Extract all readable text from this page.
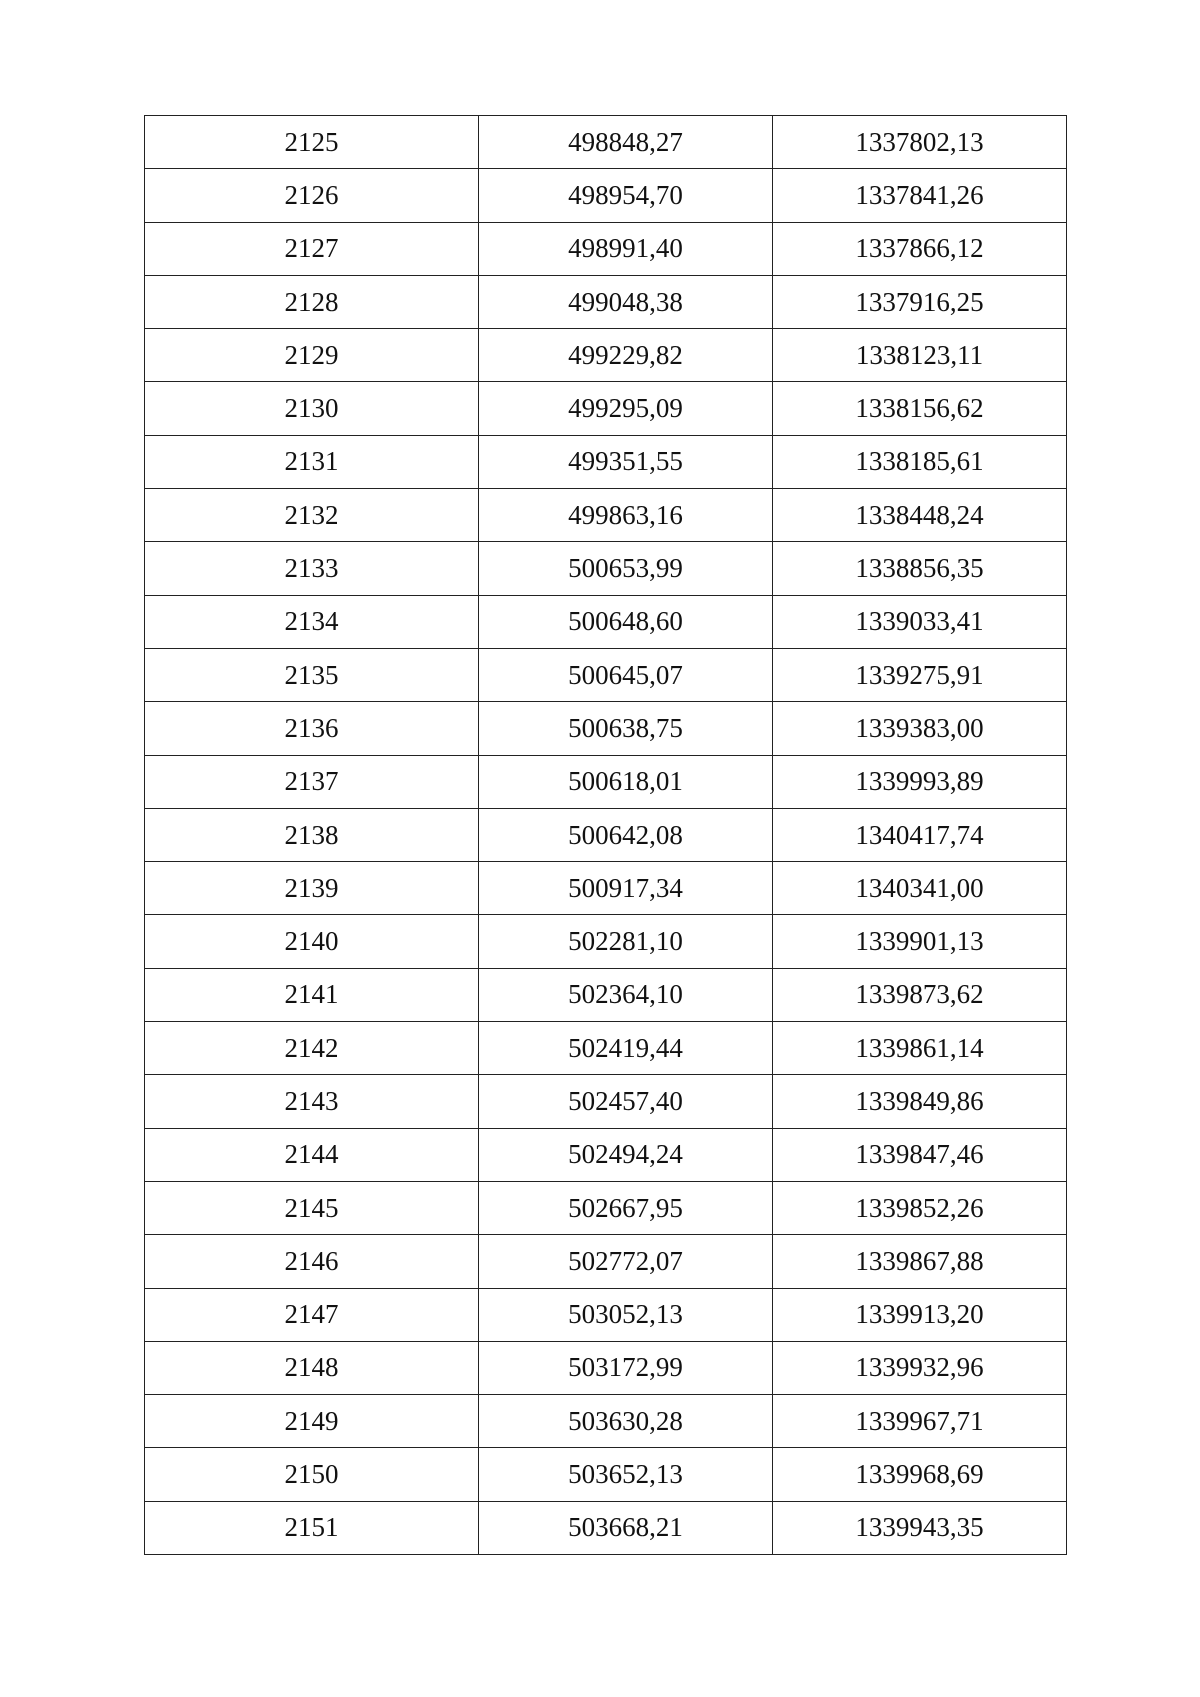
2125	498848,27	1337802,13
2126	498954,70	1337841,26
2127	498991,40	1337866,12
2128	499048,38	1337916,25
2129	499229,82	1338123,11
2130	499295,09	1338156,62
2131	499351,55	1338185,61
2132	499863,16	1338448,24
2133	500653,99	1338856,35
2134	500648,60	1339033,41
2135	500645,07	1339275,91
2136	500638,75	1339383,00
2137	500618,01	1339993,89
2138	500642,08	1340417,74
2139	500917,34	1340341,00
2140	502281,10	1339901,13
2141	502364,10	1339873,62
2142	502419,44	1339861,14
2143	502457,40	1339849,86
2144	502494,24	1339847,46
2145	502667,95	1339852,26
2146	502772,07	1339867,88
2147	503052,13	1339913,20
2148	503172,99	1339932,96
2149	503630,28	1339967,71
2150	503652,13	1339968,69
2151	503668,21	1339943,35
